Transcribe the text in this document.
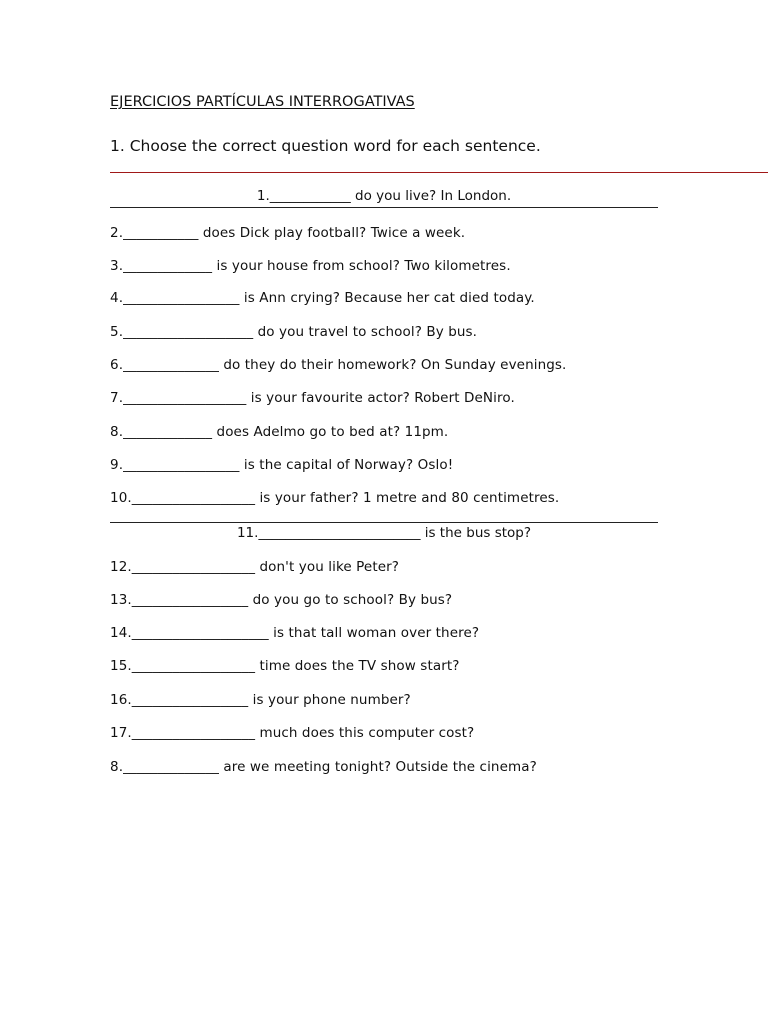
EJERCICIOS PARTÍCULAS INTERROGATIVAS
1. Choose the correct question word for each sentence.
1.____________ do you live? In London.
2.___________ does Dick play football? Twice a week.
3._____________ is your house from school? Two kilometres.
4._________________ is Ann crying? Because her cat died today.
5.___________________ do you travel to school? By bus.
6.______________ do they do their homework? On Sunday evenings.
7.__________________ is your favourite actor? Robert DeNiro.
8._____________ does Adelmo go to bed at? 11pm.
9._________________ is the capital of Norway? Oslo!
10.__________________ is your father? 1 metre and 80 centimetres.
11.________________________ is the bus stop?
12.__________________ don't you like Peter?
13._________________ do you go to school? By bus?
14.____________________ is that tall woman over there?
15.__________________ time does the TV show start?
16._________________ is your phone number?
17.__________________ much does this computer cost?
8.______________ are we meeting tonight? Outside the cinema?
